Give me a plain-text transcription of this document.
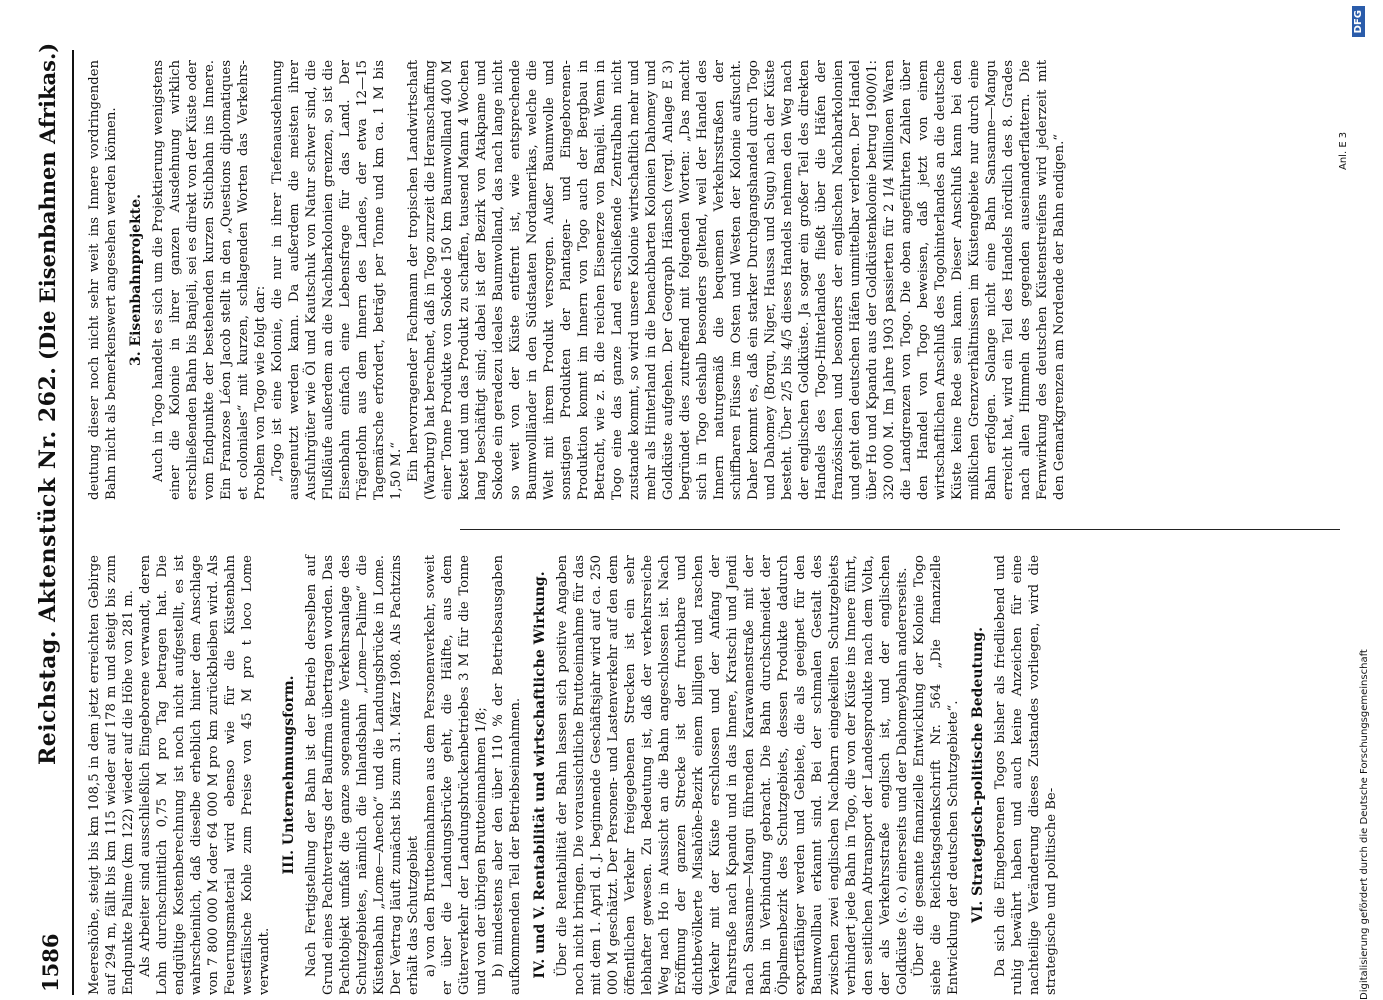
1586
Reichstag. Aktenstück Nr. 262.
(Die Eisenbahnen Afrikas.)

Meereshöhe, steigt bis km 108,5 in dem jetzt erreichten Gebirge auf 294 m, fällt bis km 115 wieder auf 178 m und steigt bis zum Endpunkte Palime (km 122) wieder auf die Höhe von 281 m. Als Arbeiter sind ausschließlich Eingeborene verwandt, deren Lohn durchschnittlich 0,75 M pro Tag betragen hat. Die endgültige Kostenberechnung ist noch nicht aufgestellt, es ist wahrscheinlich, daß dieselbe erheblich hinter dem Anschlage von 7 800 000 M oder 64 000 M pro km zurückbleiben wird. Als Feuerungsmaterial wird ebenso wie für die Küstenbahn westfälische Kohle zum Preise von 45 M pro t loco Lome verwandt.

III. Unternehmungsform. Nach Fertigstellung der Bahn ist der Betrieb derselben auf Grund eines Pachtvertrags der Baufirma übertragen worden. Das Pachtobjekt umfaßt die ganze sogenannte Verkehrsanlage des Schutzgebietes, nämlich die Inlandsbahn „Lome—Palime“ die Küstenbahn „Lome—Anecho“ und die Landungsbrücke in Lome. Der Vertrag läuft zunächst bis zum 31. März 1908. Als Pachtzins erhält das Schutzgebiet a) von den Bruttoeinnahmen aus dem Personenverkehr, soweit er über die Landungsbrücke geht, die Hälfte, aus dem Güterverkehr der Landungsbrückenbetriebes 3 M für die Tonne und von der übrigen Bruttoeinnahmen 1/8; b) mindestens aber den über 110 % der Betriebsausgaben aufkommenden Teil der Betriebseinnahmen. IV. und V. Rentabilität und wirtschaftliche Wirkung. Über die Rentabilität der Bahn lassen sich positive Angaben noch nicht bringen. Die voraussichtliche Bruttoeinnahme für das mit dem 1. April d. J. beginnende Geschäftsjahr wird auf ca. 250 000 M geschätzt. Der Personen- und Lastenverkehr auf den dem öffentlichen Verkehr freigegebenen Strecken ist ein sehr lebhafter gewesen. Zu Bedeutung ist, daß der verkehrsreiche Weg nach Ho in Aussicht an die Bahn angeschlossen ist. Nach Eröffnung der ganzen Strecke ist der fruchtbare und dichtbevölkerte Misahöhe-Bezirk einem billigen und raschen Verkehr mit der Küste erschlossen und der Anfang der Fahrstraße nach Kpandu und in das Innere, Kratschi und Jendi nach Sansanne—Mangu führenden Karawanenstraße mit der Bahn in Verbindung gebracht. Die Bahn durchschneidet der Ölpalmenbezirk des Schutzgebiets, dessen Produkte dadurch exportfähiger werden und Gebiete, die als geeignet für den Baumwollbau erkannt sind. Bei der schmalen Gestalt des zwischen zwei englischen Nachbarn eingekeilten Schutzgebiets verhindert jede Bahn in Togo, die von der Küste ins Innere führt, den seitlichen Abtransport der Landesprodukte nach dem Volta, der als Verkehrsstraße englisch ist, und der englischen Goldküste (s. o.) einerseits und der Dahomeybahn andererseits. Über die gesamte finanzielle Entwicklung der Kolonie Togo siehe die Reichstagsdenkschrift Nr. 564 „Die finanzielle Entwicklung der deutschen Schutzgebiete“. VI. Strategisch-politische Bedeutung. Da sich die Eingeborenen Togos bisher als friedliebend und ruhig bewährt haben und auch keine Anzeichen für eine nachteilige Veränderung dieses Zustandes vorliegen, wird die strategische und politische Be-

deutung dieser noch nicht sehr weit ins Innere vordringenden Bahn nicht als bemerkenswert angesehen werden können. 3. Eisenbahnprojekte. Auch in Togo handelt es sich um die Projektierung wenigstens einer die Kolonie in ihrer ganzen Ausdehnung wirklich erschließenden Bahn bis Banjeli, sei es direkt von der Küste oder vom Endpunkte der bestehenden kurzen Stichbahn ins Innere. Ein Franzose Léon Jacob stellt in den „Questions diplomatiques et coloniales“ mit kurzen, schlagenden Worten das Verkehrs-Problem von Togo wie folgt dar: „Togo ist eine Kolonie, die nur in ihrer Tiefenausdehnung ausgenutzt werden kann. Da außerdem die meisten ihrer Ausfuhrgüter wie Öl und Kautschuk von Natur schwer sind, die Flußläufe außerdem an die Nachbarkolonien grenzen, so ist die Eisenbahn einfach eine Lebensfrage für das Land. Der Trägerlohn aus dem Innern des Landes, der etwa 12—15 Tagemärsche erfordert, beträgt per Tonne und km ca. 1 M bis 1,50 M.“ Ein hervorragender Fachmann der tropischen Landwirtschaft (Warburg) hat berechnet, daß in Togo zurzeit die Heranschaffung einer Tonne Produkte von Sokode 150 km Baumwollland 400 M kostet und um das Produkt zu schaffen, tausend Mann 4 Wochen lang beschäftigt sind; dabei ist der Bezirk von Atakpame und Sokode ein geradezu ideales Baumwolland, das nach lange nicht so weit von der Küste entfernt ist, wie entsprechende Baumwollländer in den Südstaaten Nordamerikas, welche die Welt mit ihrem Produkt versorgen. Außer Baumwolle und sonstigen Produkten der Plantagen- und Eingeborenen-Produktion kommt im Innern von Togo auch der Bergbau in Betracht, wie z. B. die reichen Eisenerze von Banjeli. Wenn in Togo eine das ganze Land erschließende Zentralbahn nicht zustande kommt, so wird unsere Kolonie wirtschaftlich mehr und mehr als Hinterland in die benachbarten Kolonien Dahomey und Goldküste aufgehen. Der Geograph Hänsch (vergl. Anlage E 3) begründet dies zutreffend mit folgenden Worten: „Das macht sich in Togo deshalb besonders geltend, weil der Handel des Innern naturgemäß die bequemen Verkehrsstraßen der schiffbaren Flüsse im Osten und Westen der Kolonie aufsucht. Daher kommt es, daß ein starker Durchgangshandel durch Togo und Dahomey (Borgu, Niger, Haussa und Sugu) nach der Küste besteht. Über 2/5 bis 4/5 dieses Handels nehmen den Weg nach der englischen Goldküste. Ja sogar ein großer Teil des direkten Handels des Togo-Hinterlandes fließt über die Häfen der französischen und besonders der englischen Nachbarkolonien und geht den deutschen Häfen unmittelbar verloren. Der Handel über Ho und Kpandu aus der Goldküstenkolonie betrug 1900/01: 320 000 M. Im Jahre 1903 passierten für 2 1/4 Millionen Waren die Landgrenzen von Togo. Die oben angeführten Zahlen über den Handel von Togo beweisen, daß jetzt von einem wirtschaftlichen Anschluß des Togohinterlandes an die deutsche Küste keine Rede sein kann. Dieser Anschluß kann bei den mißlichen Grenzverhältnissen im Küstengebiete nur durch eine Bahn erfolgen. Solange nicht eine Bahn Sansanne—Mangu erreicht hat, wird ein Teil des Handels nördlich des 8. Grades nach allen Himmeln des gegenden auseinanderflattern. Die Fernwirkung des deutschen Küstenstreifens wird jederzeit mit den Gemarkgrenzen am Nordende der Bahn endigen.“	Anl. E 3
Digitalisierung gefördert durch die Deutsche Forschungsgemeinschaft
DFG
